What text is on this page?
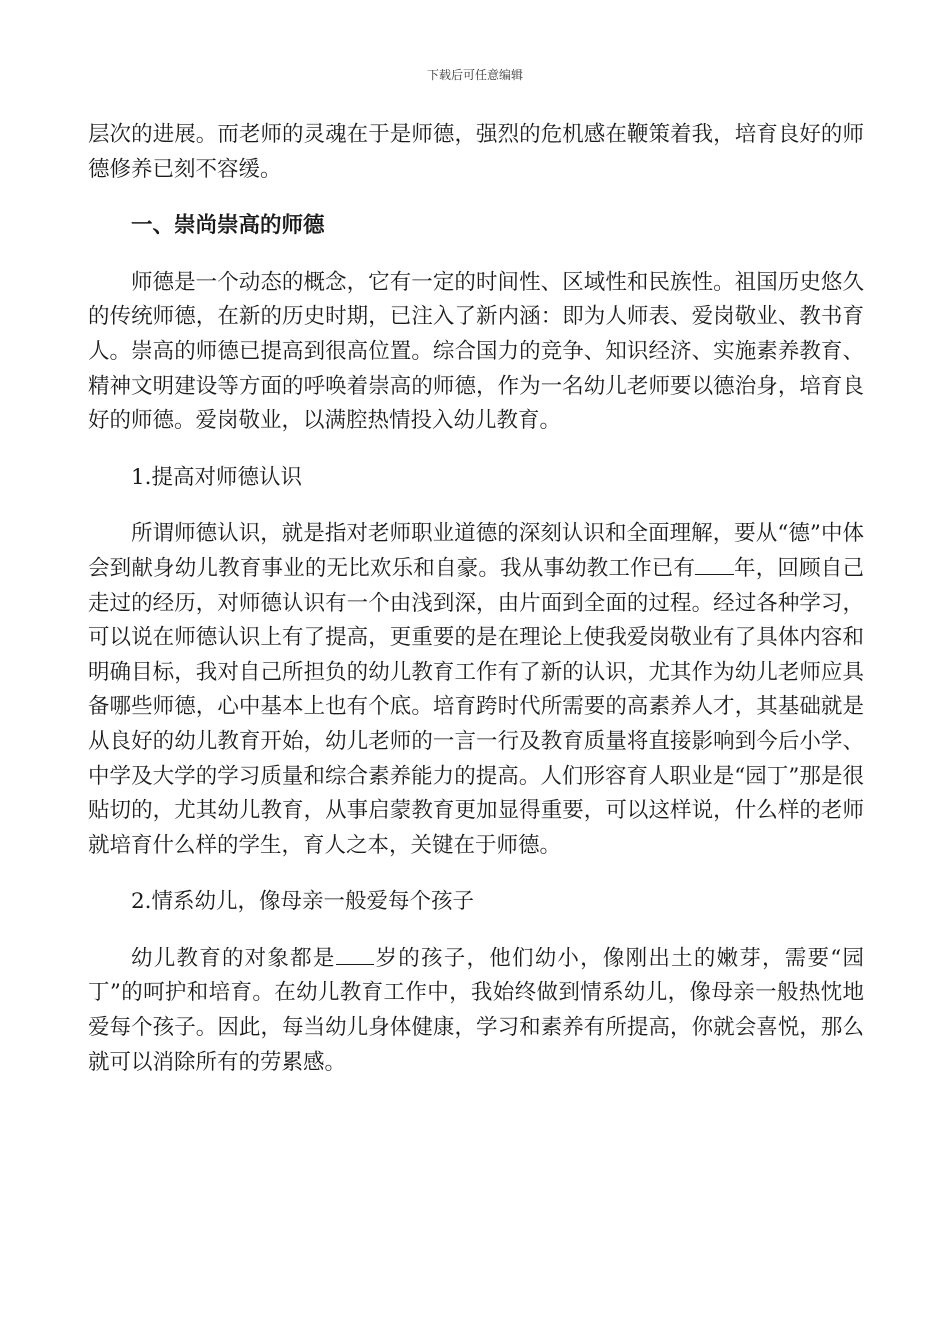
下载后可任意编辑

层次的进展。而老师的灵魂在于是师德，强烈的危机感在鞭策着我，培育良好的师德修养已刻不容缓。

一、崇尚崇高的师德

师德是一个动态的概念，它有一定的时间性、区域性和民族性。祖国历史悠久的传统师德，在新的历史时期，已注入了新内涵：即为人师表、爱岗敬业、教书育人。崇高的师德已提高到很高位置。综合国力的竞争、知识经济、实施素养教育、精神文明建设等方面的呼唤着崇高的师德，作为一名幼儿老师要以德治身，培育良好的师德。爱岗敬业，以满腔热情投入幼儿教育。

1.提高对师德认识

所谓师德认识，就是指对老师职业道德的深刻认识和全面理解，要从“德”中体会到献身幼儿教育事业的无比欢乐和自豪。我从事幼教工作已有 年，回顾自己走过的经历，对师德认识有一个由浅到深，由片面到全面的过程。经过各种学习，可以说在师德认识上有了提高，更重要的是在理论上使我爱岗敬业有了具体内容和明确目标，我对自己所担负的幼儿教育工作有了新的认识，尤其作为幼儿老师应具备哪些师德，心中基本上也有个底。培育跨时代所需要的高素养人才，其基础就是从良好的幼儿教育开始，幼儿老师的一言一行及教育质量将直接影响到今后小学、中学及大学的学习质量和综合素养能力的提高。人们形容育人职业是“园丁”那是很贴切的，尤其幼儿教育，从事启蒙教育更加显得重要，可以这样说，什么样的老师就培育什么样的学生，育人之本，关键在于师德。

2.情系幼儿，像母亲一般爱每个孩子

幼儿教育的对象都是 岁的孩子，他们幼小，像刚出土的嫩芽，需要“园丁”的呵护和培育。在幼儿教育工作中，我始终做到情系幼儿，像母亲一般热忱地爱每个孩子。因此，每当幼儿身体健康，学习和素养有所提高，你就会喜悦，那么就可以消除所有的劳累感。
